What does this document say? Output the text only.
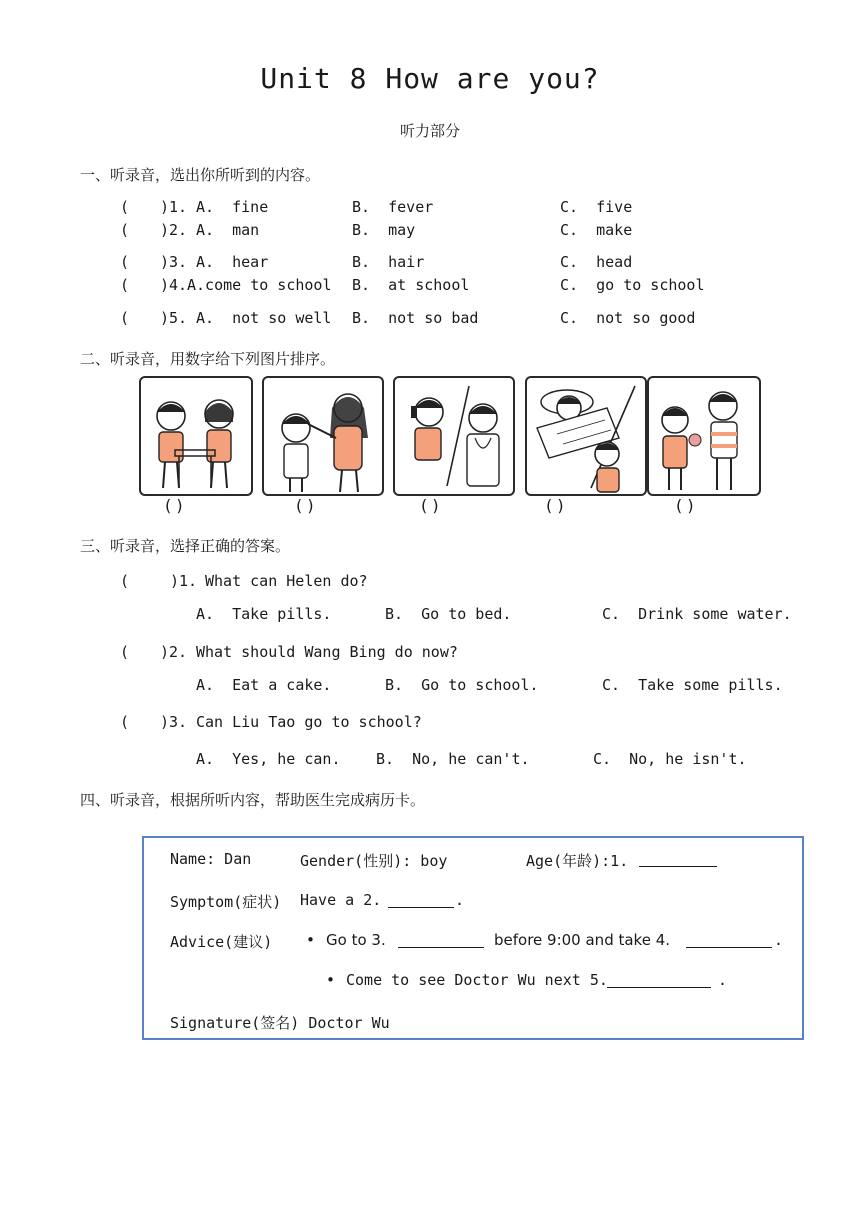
Unit 8 How are you?
听力部分
一、听录音，选出你所听到的内容。
( )1. A.  fine	B.  fever	C.  five
( )2. A.  man	B.  may	C.  make
( )3. A.  hear	B.  hair	C.  head
( )4. A.come to school B.  at school	C.  go to school
( )5. A.  not so well B.  not so bad	C.  not so good
二、听录音，用数字给下列图片排序。
( )	( )	( )	( )	( )
三、听录音，选择正确的答案。
(	)1. What can Helen do?
A.  Take pills.	B.  Go to bed.	C.  Drink some water.
( )2. What should Wang Bing do now?
A.  Eat a cake.	B.  Go to school.	C.  Take some pills.
( )3. Can Liu Tao go to school?
A.  Yes, he can. B.  No, he can't.	C.  No, he isn't.
四、听录音，根据所听内容，帮助医生完成病历卡。
Name: Dan	Gender(性别): boy	Age(年龄):1.
Symptom(症状) Have a 2.	.
Advice(建议) • Go to 3.	before 9:00 and take 4.	.
• Come to see Doctor Wu next 5.	.
Signature(签名) Doctor Wu
